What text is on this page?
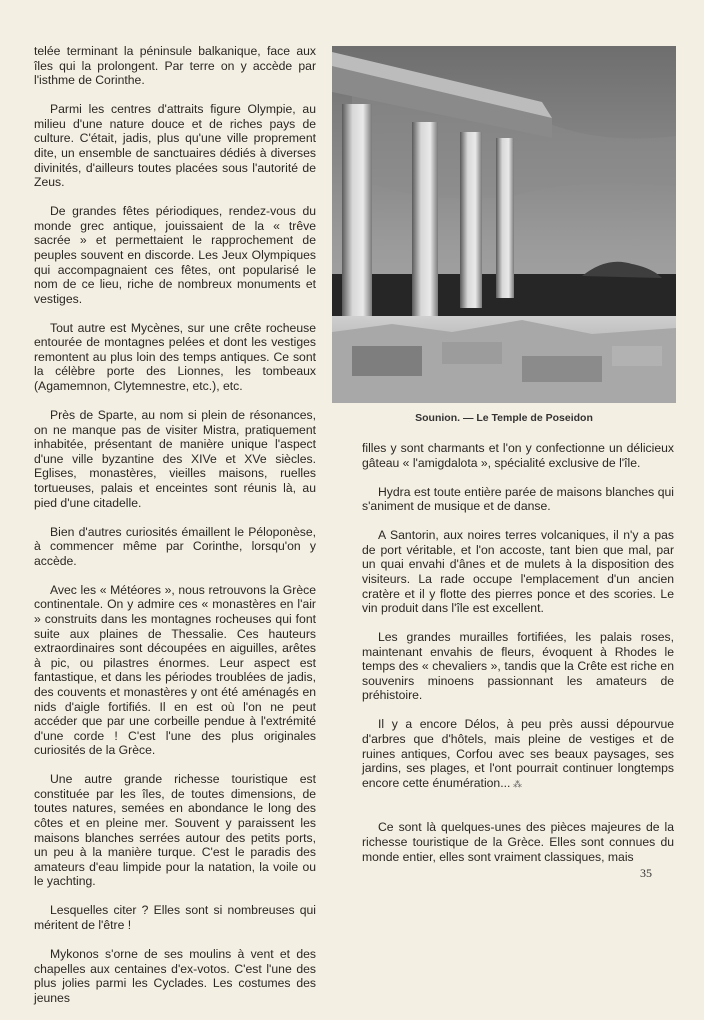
telée terminant la péninsule balkanique, face aux îles qui la prolongent. Par terre on y accède par l'isthme de Corinthe.

Parmi les centres d'attraits figure Olympie, au milieu d'une nature douce et de riches pays de culture. C'était, jadis, plus qu'une ville proprement dite, un ensemble de sanctuaires dédiés à diverses divinités, d'ailleurs toutes placées sous l'autorité de Zeus.

De grandes fêtes périodiques, rendez-vous du monde grec antique, jouissaient de la « trêve sacrée » et permettaient le rapprochement de peuples souvent en discorde. Les Jeux Olympiques qui accompagnaient ces fêtes, ont popularisé le nom de ce lieu, riche de nombreux monuments et vestiges.

Tout autre est Mycènes, sur une crête rocheuse entourée de montagnes pelées et dont les vestiges remontent au plus loin des temps antiques. Ce sont la célèbre porte des Lionnes, les tombeaux (Agamemnon, Clytemnestre, etc.), etc.

Près de Sparte, au nom si plein de résonances, on ne manque pas de visiter Mistra, pratiquement inhabitée, présentant de manière unique l'aspect d'une ville byzantine des XIVe et XVe siècles. Eglises, monastères, vieilles maisons, ruelles tortueuses, palais et enceintes sont réunis là, au pied d'une citadelle.

Bien d'autres curiosités émaillent le Péloponèse, à commencer même par Corinthe, lorsqu'on y accède.

Avec les « Météores », nous retrouvons la Grèce continentale. On y admire ces « monastères en l'air » construits dans les montagnes rocheuses qui font suite aux plaines de Thessalie. Ces hauteurs extraordinaires sont découpées en aiguilles, arêtes à pic, ou pilastres énormes. Leur aspect est fantastique, et dans les périodes troublées de jadis, des couvents et monastères y ont été aménagés en nids d'aigle fortifiés. Il en est où l'on ne peut accéder que par une corbeille pendue à l'extrémité d'une corde ! C'est l'une des plus originales curiosités de la Grèce.

Une autre grande richesse touristique est constituée par les îles, de toutes dimensions, de toutes natures, semées en abondance le long des côtes et en pleine mer. Souvent y paraissent les maisons blanches serrées autour des petits ports, un peu à la manière turque. C'est le paradis des amateurs d'eau limpide pour la natation, la voile ou le yachting.

Lesquelles citer ? Elles sont si nombreuses qui méritent de l'être !

Mykonos s'orne de ses moulins à vent et des chapelles aux centaines d'ex-votos. C'est l'une des plus jolies parmi les Cyclades. Les costumes des jeunes

Sounion. — Le Temple de Poseidon

filles y sont charmants et l'on y confectionne un délicieux gâteau « l'amigdalota », spécialité exclusive de l'île.

Hydra est toute entière parée de maisons blanches qui s'animent de musique et de danse.

A Santorin, aux noires terres volcaniques, il n'y a pas de port véritable, et l'on accoste, tant bien que mal, par un quai envahi d'ânes et de mulets à la disposition des visiteurs. La rade occupe l'emplacement d'un ancien cratère et il y flotte des pierres ponce et des scories. Le vin produit dans l'île est excellent.

Les grandes murailles fortifiées, les palais roses, maintenant envahis de fleurs, évoquent à Rhodes le temps des « chevaliers », tandis que la Crête est riche en souvenirs minoens passionnant les amateurs de préhistoire.

Il y a encore Délos, à peu près aussi dépourvue d'arbres que d'hôtels, mais pleine de vestiges et de ruines antiques, Corfou avec ses beaux paysages, ses jardins, ses plages, et l'ont pourrait continuer longtemps encore cette énumération...

Ce sont là quelques-unes des pièces majeures de la richesse touristique de la Grèce. Elles sont connues du monde entier, elles sont vraiment classiques, mais

⁂
35
